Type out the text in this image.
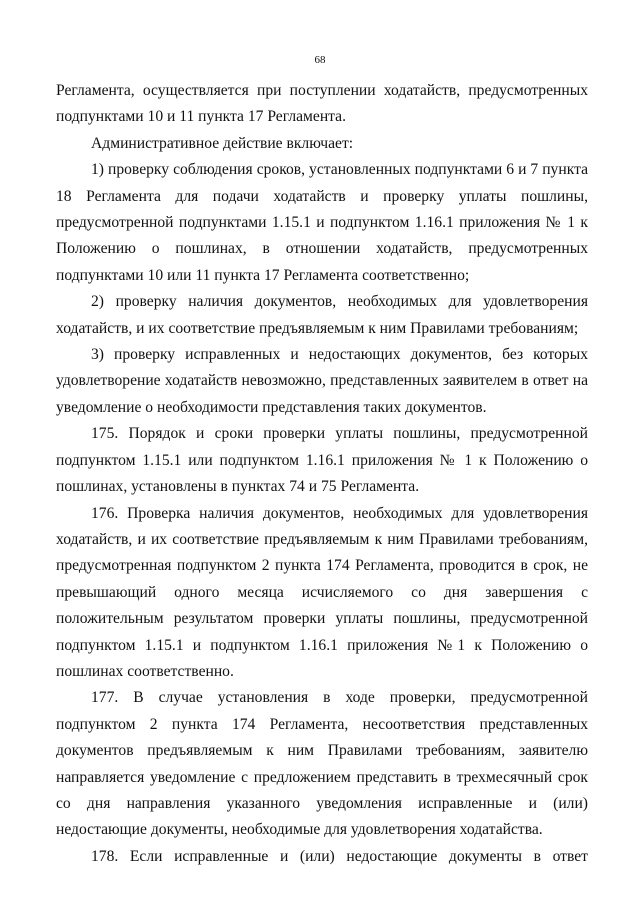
68

Регламента, осуществляется при поступлении ходатайств, предусмотренных подпунктами 10 и 11 пункта 17 Регламента.

Административное действие включает:

1) проверку соблюдения сроков, установленных подпунктами 6 и 7 пункта 18 Регламента для подачи ходатайств и проверку уплаты пошлины, предусмотренной подпунктами 1.15.1 и подпунктом 1.16.1 приложения № 1 к Положению о пошлинах, в отношении ходатайств, предусмотренных подпунктами 10 или 11 пункта 17 Регламента соответственно;

2) проверку наличия документов, необходимых для удовлетворения ходатайств, и их соответствие предъявляемым к ним Правилами требованиям;

3) проверку исправленных и недостающих документов, без которых удовлетворение ходатайств невозможно, представленных заявителем в ответ на уведомление о необходимости представления таких документов.

175. Порядок и сроки проверки уплаты пошлины, предусмотренной подпунктом 1.15.1 или подпунктом 1.16.1 приложения № 1 к Положению о пошлинах, установлены в пунктах 74 и 75 Регламента.

176. Проверка наличия документов, необходимых для удовлетворения ходатайств, и их соответствие предъявляемым к ним Правилами требованиям, предусмотренная подпунктом 2 пункта 174 Регламента, проводится в срок, не превышающий одного месяца исчисляемого со дня завершения с положительным результатом проверки уплаты пошлины, предусмотренной подпунктом 1.15.1 и подпунктом 1.16.1 приложения №1 к Положению о пошлинах соответственно.

177. В случае установления в ходе проверки, предусмотренной подпунктом 2 пункта 174 Регламента, несоответствия представленных документов предъявляемым к ним Правилами требованиям, заявителю направляется уведомление с предложением представить в трехмесячный срок со дня направления указанного уведомления исправленные и (или) недостающие документы, необходимые для удовлетворения ходатайства.

178. Если исправленные и (или) недостающие документы в ответ
